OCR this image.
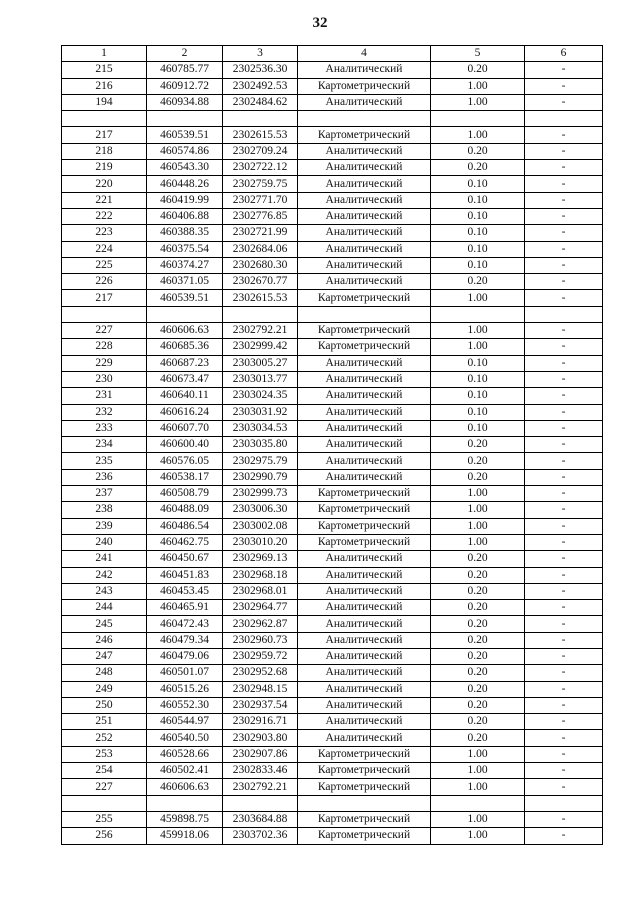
32
1	2	3	4	5	6
215	460785.77	2302536.30	Аналитический	0.20	-
216	460912.72	2302492.53	Картометрический	1.00	-
194	460934.88	2302484.62	Аналитический	1.00	-

217	460539.51	2302615.53	Картометрический	1.00	-
218	460574.86	2302709.24	Аналитический	0.20	-
219	460543.30	2302722.12	Аналитический	0.20	-
220	460448.26	2302759.75	Аналитический	0.10	-
221	460419.99	2302771.70	Аналитический	0.10	-
222	460406.88	2302776.85	Аналитический	0.10	-
223	460388.35	2302721.99	Аналитический	0.10	-
224	460375.54	2302684.06	Аналитический	0.10	-
225	460374.27	2302680.30	Аналитический	0.10	-
226	460371.05	2302670.77	Аналитический	0.20	-
217	460539.51	2302615.53	Картометрический	1.00	-

227	460606.63	2302792.21	Картометрический	1.00	-
228	460685.36	2302999.42	Картометрический	1.00	-
229	460687.23	2303005.27	Аналитический	0.10	-
230	460673.47	2303013.77	Аналитический	0.10	-
231	460640.11	2303024.35	Аналитический	0.10	-
232	460616.24	2303031.92	Аналитический	0.10	-
233	460607.70	2303034.53	Аналитический	0.10	-
234	460600.40	2303035.80	Аналитический	0.20	-
235	460576.05	2302975.79	Аналитический	0.20	-
236	460538.17	2302990.79	Аналитический	0.20	-
237	460508.79	2302999.73	Картометрический	1.00	-
238	460488.09	2303006.30	Картометрический	1.00	-
239	460486.54	2303002.08	Картометрический	1.00	-
240	460462.75	2303010.20	Картометрический	1.00	-
241	460450.67	2302969.13	Аналитический	0.20	-
242	460451.83	2302968.18	Аналитический	0.20	-
243	460453.45	2302968.01	Аналитический	0.20	-
244	460465.91	2302964.77	Аналитический	0.20	-
245	460472.43	2302962.87	Аналитический	0.20	-
246	460479.34	2302960.73	Аналитический	0.20	-
247	460479.06	2302959.72	Аналитический	0.20	-
248	460501.07	2302952.68	Аналитический	0.20	-
249	460515.26	2302948.15	Аналитический	0.20	-
250	460552.30	2302937.54	Аналитический	0.20	-
251	460544.97	2302916.71	Аналитический	0.20	-
252	460540.50	2302903.80	Аналитический	0.20	-
253	460528.66	2302907.86	Картометрический	1.00	-
254	460502.41	2302833.46	Картометрический	1.00	-
227	460606.63	2302792.21	Картометрический	1.00	-

255	459898.75	2303684.88	Картометрический	1.00	-
256	459918.06	2303702.36	Картометрический	1.00	-
